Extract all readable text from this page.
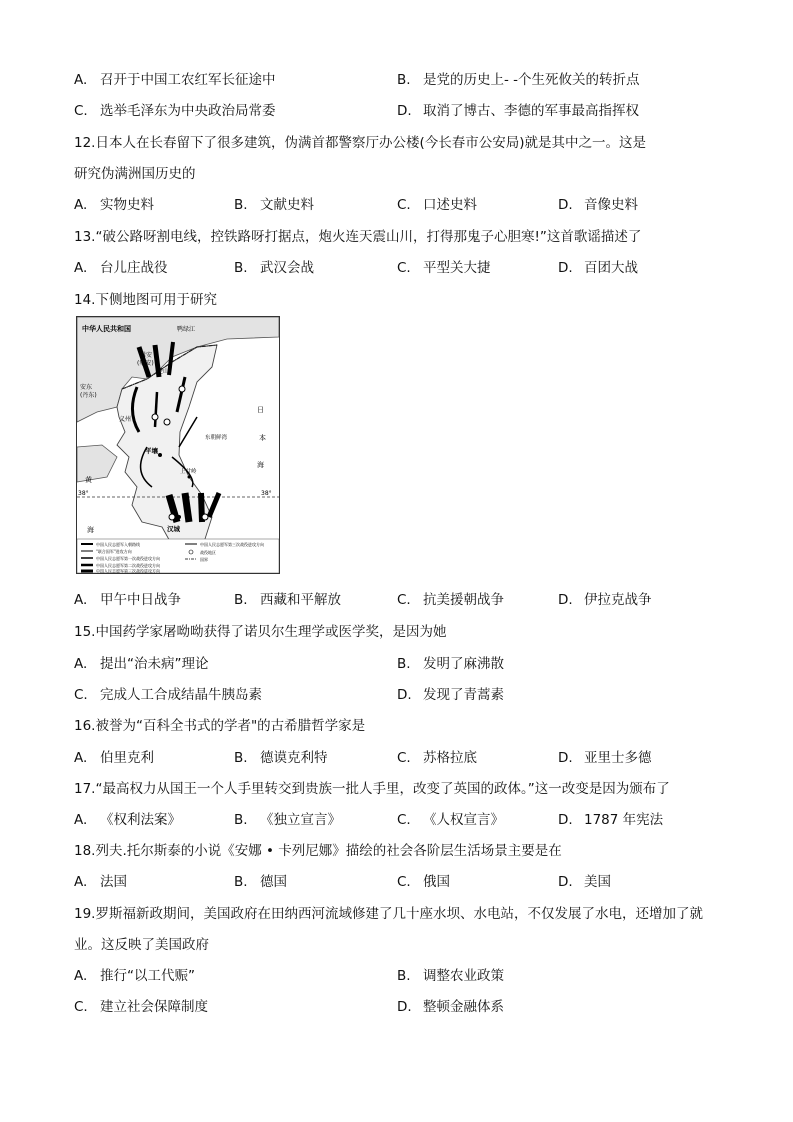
A. 召开于中国工农红军长征途中	B. 是党的历史上- -个生死攸关的转折点
C. 选举毛泽东为中央政治局常委	D. 取消了博古、李德的军事最高指挥权
12.日本人在长春留下了很多建筑，伪满首都警察厅办公楼(今长春市公安局)就是其中之一。这是
研究伪满洲国历史的
A. 实物史料	B. 文献史料	C. 口述史料	D. 音像史料
13.“破公路呀割电线，控铁路呀打据点，炮火连天震山川，打得那鬼子心胆寒!”这首歌谣描述了
A. 台儿庄战役	B. 武汉会战	C. 平型关大捷	D. 百团大战
14.下侧地图可用于研究
中华人民共和国	鸭绿江
辑安
(集安)
安东
(丹东)
楚山
义州
平壤
上甘岭
汉城
日
本
海
东朝鲜湾
黄
海
38°	38°
中国人民志愿军入朝路线
"联合国军"进攻方向
中国人民志愿军第一次战役进攻方向
中国人民志愿军第二次战役进攻方向
中国人民志愿军第三次战役进攻方向
中国人民志愿军第三次战役进攻方向
战役地区
国界
A. 甲午中日战争	B. 西藏和平解放	C. 抗美援朝战争	D. 伊拉克战争
15.中国药学家屠呦呦获得了诺贝尔生理学或医学奖，是因为她
A. 提出“治未病”理论	B. 发明了麻沸散
C. 完成人工合成结晶牛胰岛素	D. 发现了青蒿素
16.被誉为“百科全书式的学者"的古希腊哲学家是
A. 伯里克利	B. 德谟克利特	C. 苏格拉底	D. 亚里士多德
17.“最高权力从国王一个人手里转交到贵族一批人手里，改变了英国的政体。”这一改变是因为颁布了
A. 《权利法案》	B. 《独立宣言》	C. 《人权宣言》	D. 1787 年宪法
18.列夫.托尔斯泰的小说《安娜 • 卡列尼娜》描绘的社会各阶层生活场景主要是在
A. 法国	B. 德国	C. 俄国	D. 美国
19.罗斯福新政期间，美国政府在田纳西河流域修建了几十座水坝、水电站，不仅发展了水电，还增加了就
业。这反映了美国政府
A. 推行“以工代赈”	B. 调整农业政策
C. 建立社会保障制度	D. 整顿金融体系
